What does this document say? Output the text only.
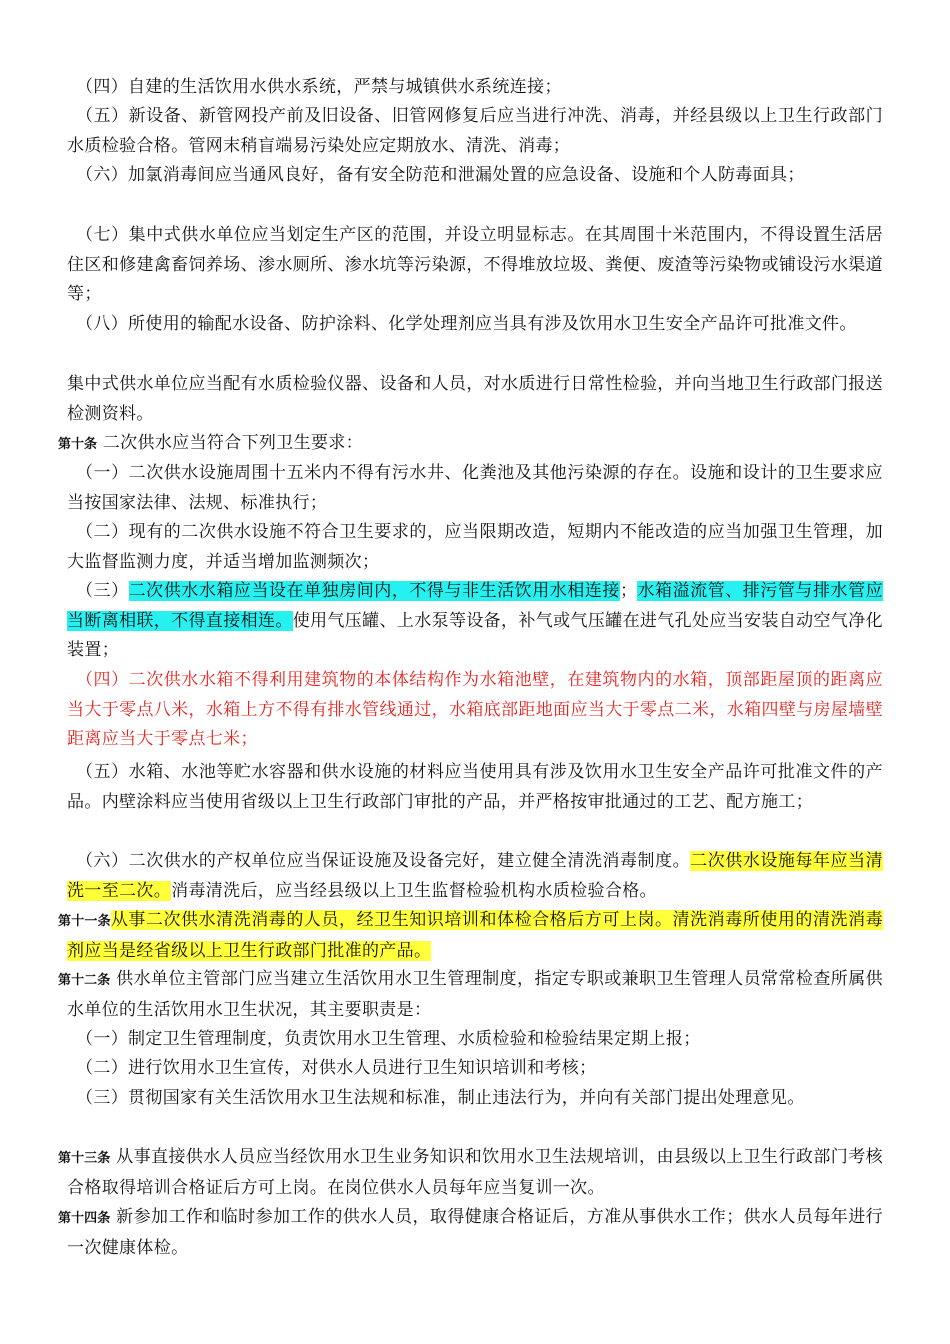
（四）自建的生活饮用水供水系统，严禁与城镇供水系统连接；

（五）新设备、新管网投产前及旧设备、旧管网修复后应当进行冲洗、消毒，并经县级以上卫生行政部门水质检验合格。管网末稍盲端易污染处应定期放水、清洗、消毒；

（六）加氯消毒间应当通风良好，备有安全防范和泄漏处置的应急设备、设施和个人防毒面具；

（七）集中式供水单位应当划定生产区的范围，并设立明显标志。在其周围十米范围内，不得设置生活居住区和修建禽畜饲养场、渗水厕所、渗水坑等污染源，不得堆放垃圾、粪便、废渣等污染物或铺设污水渠道等；

（八）所使用的输配水设备、防护涂料、化学处理剂应当具有涉及饮用水卫生安全产品许可批准文件。

集中式供水单位应当配有水质检验仪器、设备和人员，对水质进行日常性检验，并向当地卫生行政部门报送检测资料。

第十条 二次供水应当符合下列卫生要求：

（一）二次供水设施周围十五米内不得有污水井、化粪池及其他污染源的存在。设施和设计的卫生要求应当按国家法律、法规、标准执行；

（二）现有的二次供水设施不符合卫生要求的，应当限期改造，短期内不能改造的应当加强卫生管理，加大监督监测力度，并适当增加监测频次；

（三）二次供水水箱应当设在单独房间内，不得与非生活饮用水相连接；水箱溢流管、排污管与排水管应当断离相联，不得直接相连。使用气压罐、上水泵等设备，补气或气压罐在进气孔处应当安装自动空气净化装置；

（四）二次供水水箱不得利用建筑物的本体结构作为水箱池壁，在建筑物内的水箱，顶部距屋顶的距离应当大于零点八米，水箱上方不得有排水管线通过，水箱底部距地面应当大于零点二米，水箱四壁与房屋墙壁距离应当大于零点七米；

（五）水箱、水池等贮水容器和供水设施的材料应当使用具有涉及饮用水卫生安全产品许可批准文件的产品。内壁涂料应当使用省级以上卫生行政部门审批的产品，并严格按审批通过的工艺、配方施工；

（六）二次供水的产权单位应当保证设施及设备完好，建立健全清洗消毒制度。二次供水设施每年应当清洗一至二次。消毒清洗后，应当经县级以上卫生监督检验机构水质检验合格。

第十一条从事二次供水清洗消毒的人员，经卫生知识培训和体检合格后方可上岗。清洗消毒所使用的清洗消毒剂应当是经省级以上卫生行政部门批准的产品。

第十二条 供水单位主管部门应当建立生活饮用水卫生管理制度，指定专职或兼职卫生管理人员常常检查所属供水单位的生活饮用水卫生状况，其主要职责是：

（一）制定卫生管理制度，负责饮用水卫生管理、水质检验和检验结果定期上报；

（二）进行饮用水卫生宣传，对供水人员进行卫生知识培训和考核；

（三）贯彻国家有关生活饮用水卫生法规和标准，制止违法行为，并向有关部门提出处理意见。

第十三条 从事直接供水人员应当经饮用水卫生业务知识和饮用水卫生法规培训，由县级以上卫生行政部门考核合格取得培训合格证后方可上岗。在岗位供水人员每年应当复训一次。

第十四条 新参加工作和临时参加工作的供水人员，取得健康合格证后，方准从事供水工作；供水人员每年进行一次健康体检。
